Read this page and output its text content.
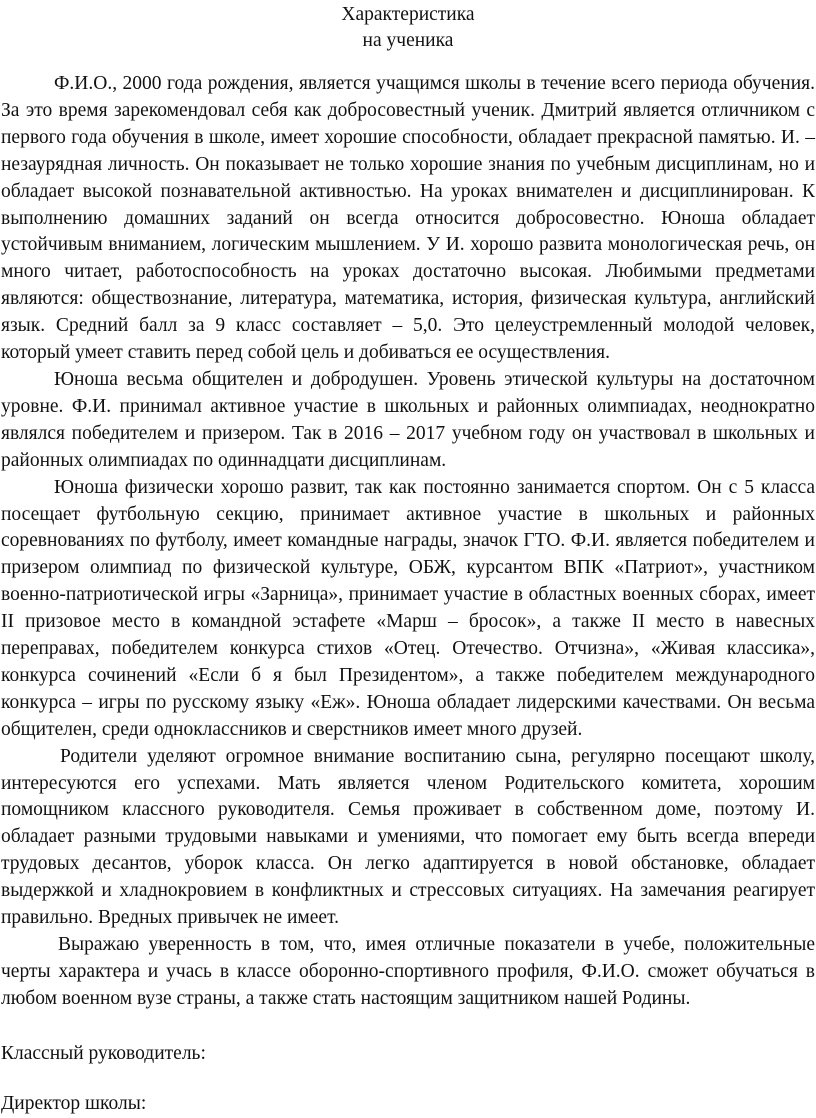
Характеристика

на ученика

Ф.И.О., 2000 года рождения, является учащимся школы в течение всего периода обучения. За это время зарекомендовал себя как добросовестный ученик. Дмитрий является отличником с первого года обучения в школе, имеет хорошие способности, обладает прекрасной памятью. И. – незаурядная личность. Он показывает не только хорошие знания по учебным дисциплинам, но и обладает высокой познавательной активностью. На уроках внимателен и дисциплинирован. К выполнению домашних заданий он всегда относится добросовестно. Юноша обладает устойчивым вниманием, логическим мышлением. У И. хорошо развита монологическая речь, он много читает, работоспособность на уроках достаточно высокая. Любимыми предметами являются: обществознание, литература, математика, история, физическая культура, английский язык. Средний балл за 9 класс составляет – 5,0. Это целеустремленный молодой человек, который умеет ставить перед собой цель и добиваться ее осуществления.

Юноша весьма общителен и добродушен. Уровень этической культуры на достаточном уровне. Ф.И. принимал активное участие в школьных и районных олимпиадах, неоднократно являлся победителем и призером. Так в 2016 – 2017 учебном году он участвовал в школьных и районных олимпиадах по одиннадцати дисциплинам.

Юноша физически хорошо развит, так как постоянно занимается спортом. Он с 5 класса посещает футбольную секцию, принимает активное участие в школьных и районных соревнованиях по футболу, имеет командные награды, значок ГТО. Ф.И. является победителем и призером олимпиад по физической культуре, ОБЖ, курсантом ВПК «Патриот», участником военно-патриотической игры «Зарница», принимает участие в областных военных сборах, имеет II призовое место в командной эстафете «Марш – бросок», а также II место в навесных переправах, победителем конкурса стихов «Отец. Отечество. Отчизна», «Живая классика», конкурса сочинений «Если б я был Президентом», а также победителем международного конкурса – игры по русскому языку «Еж». Юноша обладает лидерскими качествами. Он весьма общителен, среди одноклассников и сверстников имеет много друзей.

Родители уделяют огромное внимание воспитанию сына, регулярно посещают школу, интересуются его успехами. Мать является членом Родительского комитета, хорошим помощником классного руководителя. Семья проживает в собственном доме, поэтому И. обладает разными трудовыми навыками и умениями, что помогает ему быть всегда впереди трудовых десантов, уборок класса. Он легко адаптируется в новой обстановке, обладает выдержкой и хладнокровием в конфликтных и стрессовых ситуациях. На замечания реагирует правильно. Вредных привычек не имеет.

Выражаю уверенность в том, что, имея отличные показатели в учебе, положительные черты характера и учась в классе оборонно-спортивного профиля, Ф.И.О. сможет обучаться в любом военном вузе страны, а также стать настоящим защитником нашей Родины.

Классный руководитель:

Директор школы:
